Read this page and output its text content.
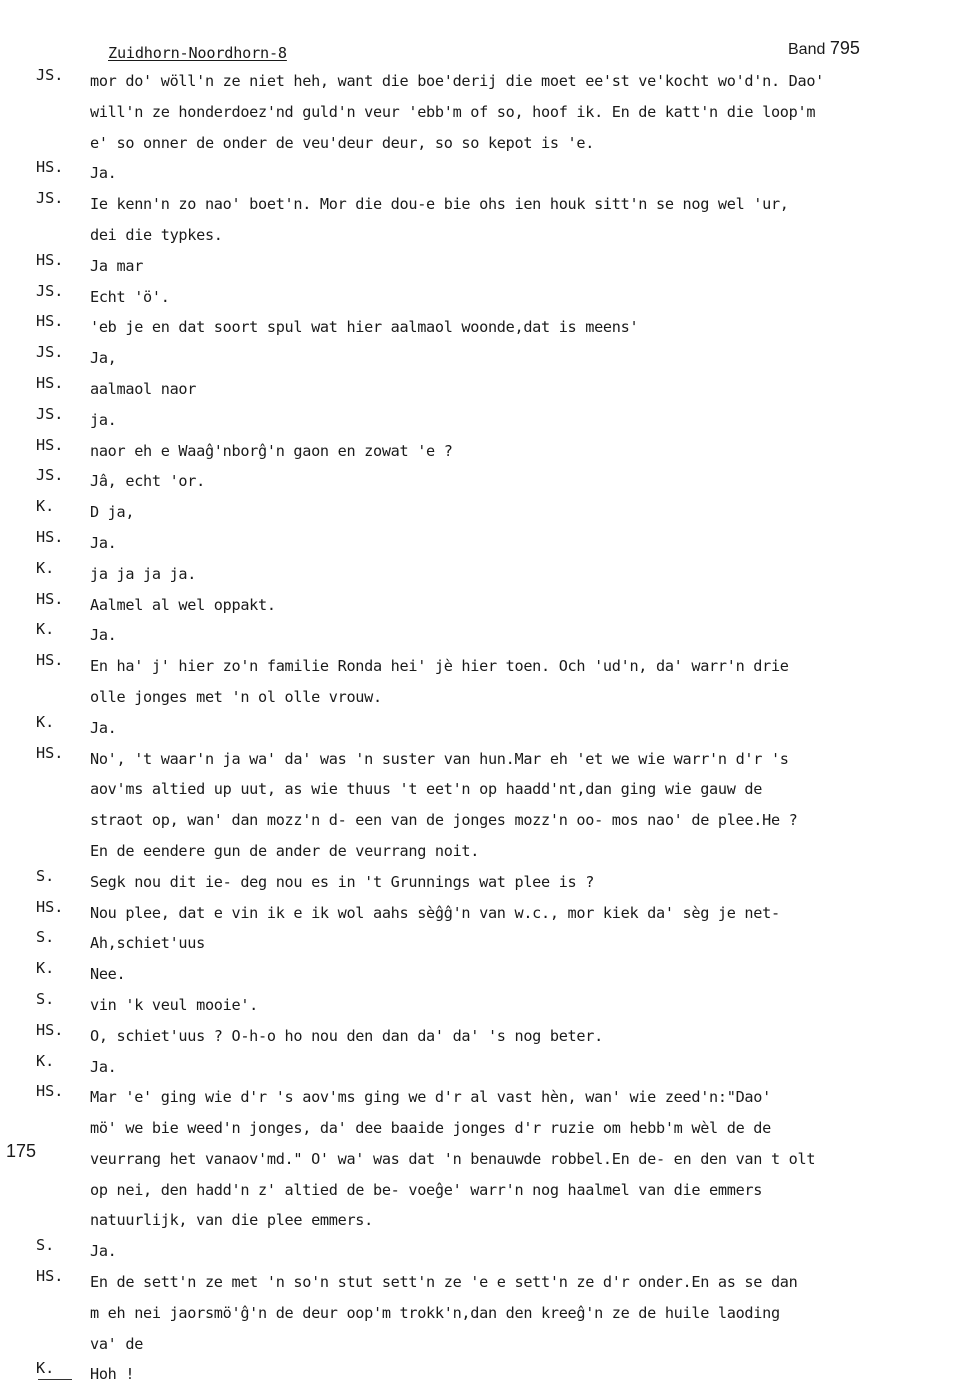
Zuidhorn-Noordhorn-8	Band 795
JS.	mor do' wöll'n ze niet heh, want die boe'derij die moet ee'st ve'kocht wo'd'n. Dao'
will'n ze honderdoez'nd guld'n veur 'ebb'm of so, hoof ik. En de katt'n die loop'm
e' so onner de onder de veu'deur deur, so so kepot is 'e.
HS.	Ja.
JS.	Ie kenn'n zo nao' boet'n. Mor die dou-e bie ohs ien houk sitt'n se nog wel 'ur,
dei die typkes.
HS.	Ja mar
JS.	Echt 'ö'.
HS.	'eb je en dat soort spul wat hier aalmaol woonde,dat is meens'
JS.	Ja,
HS.	aalmaol naor
JS.	ja.
HS.	naor eh e Waaĝ'nborĝ'n gaon en zowat 'e ?
JS.	Jâ, echt 'or.
K.	D ja,
HS.	Ja.
K.	ja ja ja ja.
HS.	Aalmel al wel oppakt.
K.	Ja.
HS.	En ha' j' hier zo'n familie Ronda hei' jè hier toen. Och 'ud'n, da' warr'n drie
olle jonges met 'n ol olle vrouw.
K.	Ja.
HS.	No', 't waar'n ja wa' da' was 'n suster van hun.Mar eh 'et we wie warr'n d'r 's
aov'ms altied up uut, as wie thuus 't eet'n op haadd'nt,dan ging wie gauw de
straot op, wan' dan mozz'n d- een van de jonges mozz'n oo- mos nao' de plee.He ?
En de eendere gun de ander de veurrang noit.
S.	Segk nou dit ie- deg nou es in 't Grunnings wat plee is ?
HS.	Nou plee, dat e vin ik e ik wol aahs sèĝĝ'n van w.c., mor kiek da' sèg je net-
S.	Ah,schiet'uus
K.	Nee.
S.	vin 'k veul mooie'.
HS.	O, schiet'uus ? O-h-o ho nou den dan da' da' 's nog beter.
K.	Ja.
HS.	Mar 'e' ging wie d'r 's aov'ms ging we d'r al vast hèn, wan' wie zeed'n:"Dao'
mö' we bie weed'n jonges, da' dee baaide jonges d'r ruzie om hebb'm wèl de de
veurrang het vanaov'md." O' wa' was dat 'n benauwde robbel.En de- en den van t olt
op nei, den hadd'n z' altied de be- voeĝe' warr'n nog haalmel van die emmers
natuurlijk, van die plee emmers.
S.	Ja.
HS.	En de sett'n ze met 'n so'n stut sett'n ze 'e e sett'n ze d'r onder.En as se dan
m eh nei jaorsmö'ĝ'n de deur oop'm trokk'n,dan den kreeĝ'n ze de huile laoding
va' de
K.	Hoh !
175
